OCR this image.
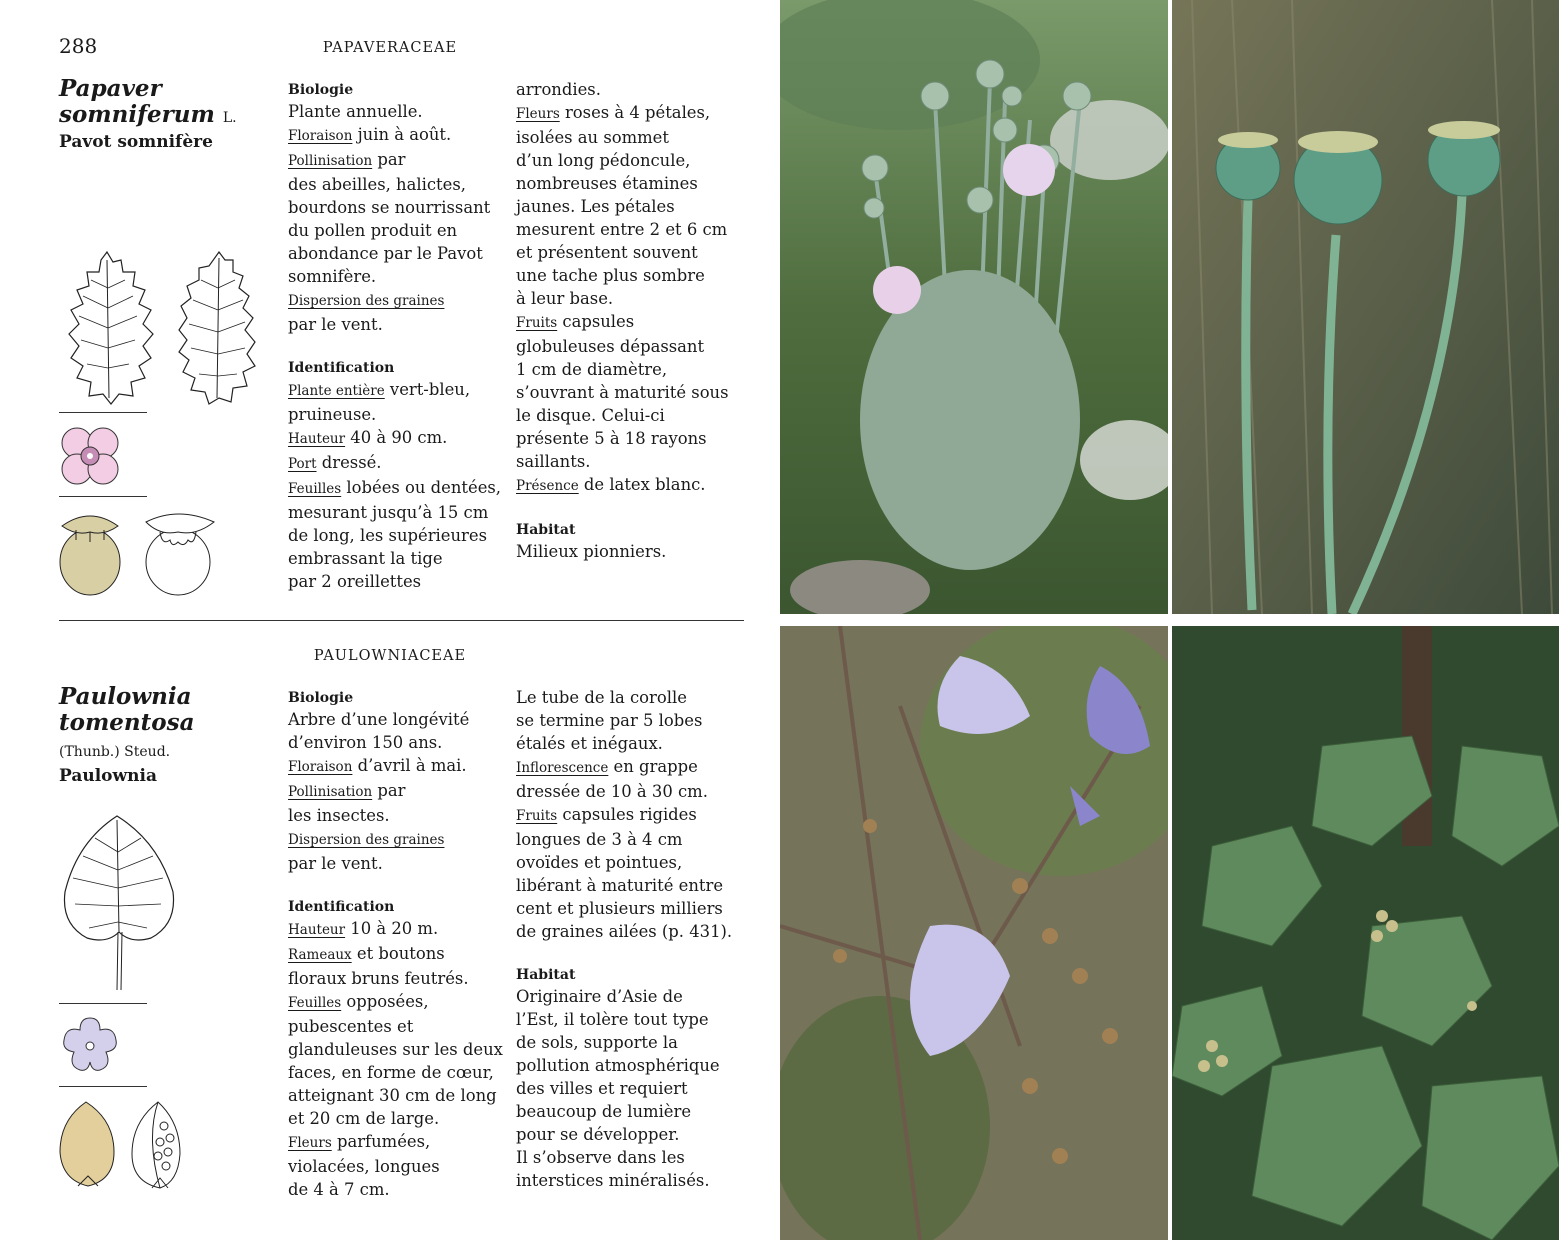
288	PAPAVERACEAE
Papaver
somniferum L.
Pavot somnifère
Biologie
Plante annuelle.
Floraison juin à août.
Pollinisation par
des abeilles, halictes,
bourdons se nourrissant
du pollen produit en
abondance par le Pavot
somnifère.
Dispersion des graines
par le vent.
Identification
Plante entière vert-bleu,
pruineuse.
Hauteur 40 à 90 cm.
Port dressé.
Feuilles lobées ou dentées,
mesurant jusqu’à 15 cm
de long, les supérieures
embrassant la tige
par 2 oreillettes
arrondies.
Fleurs roses à 4 pétales,
isolées au sommet
d’un long pédoncule,
nombreuses étamines
jaunes. Les pétales
mesurent entre 2 et 6 cm
et présentent souvent
une tache plus sombre
à leur base.
Fruits capsules
globuleuses dépassant
1 cm de diamètre,
s’ouvrant à maturité sous
le disque. Celui-ci
présente 5 à 18 rayons
saillants.
Présence de latex blanc.
Habitat
Milieux pionniers.
PAULOWNIACEAE
Paulownia
tomentosa
(Thunb.) Steud.
Paulownia
Biologie
Arbre d’une longévité
d’environ 150 ans.
Floraison d’avril à mai.
Pollinisation par
les insectes.
Dispersion des graines
par le vent.
Identification
Hauteur 10 à 20 m.
Rameaux et boutons
floraux bruns feutrés.
Feuilles opposées,
pubescentes et
glanduleuses sur les deux
faces, en forme de cœur,
atteignant 30 cm de long
et 20 cm de large.
Fleurs parfumées,
violacées, longues
de 4 à 7 cm.
Le tube de la corolle
se termine par 5 lobes
étalés et inégaux.
Inflorescence en grappe
dressée de 10 à 30 cm.
Fruits capsules rigides
longues de 3 à 4 cm
ovoïdes et pointues,
libérant à maturité entre
cent et plusieurs milliers
de graines ailées (p. 431).
Habitat
Originaire d’Asie de
l’Est, il tolère tout type
de sols, supporte la
pollution atmosphérique
des villes et requiert
beaucoup de lumière
pour se développer.
Il s’observe dans les
interstices minéralisés.
